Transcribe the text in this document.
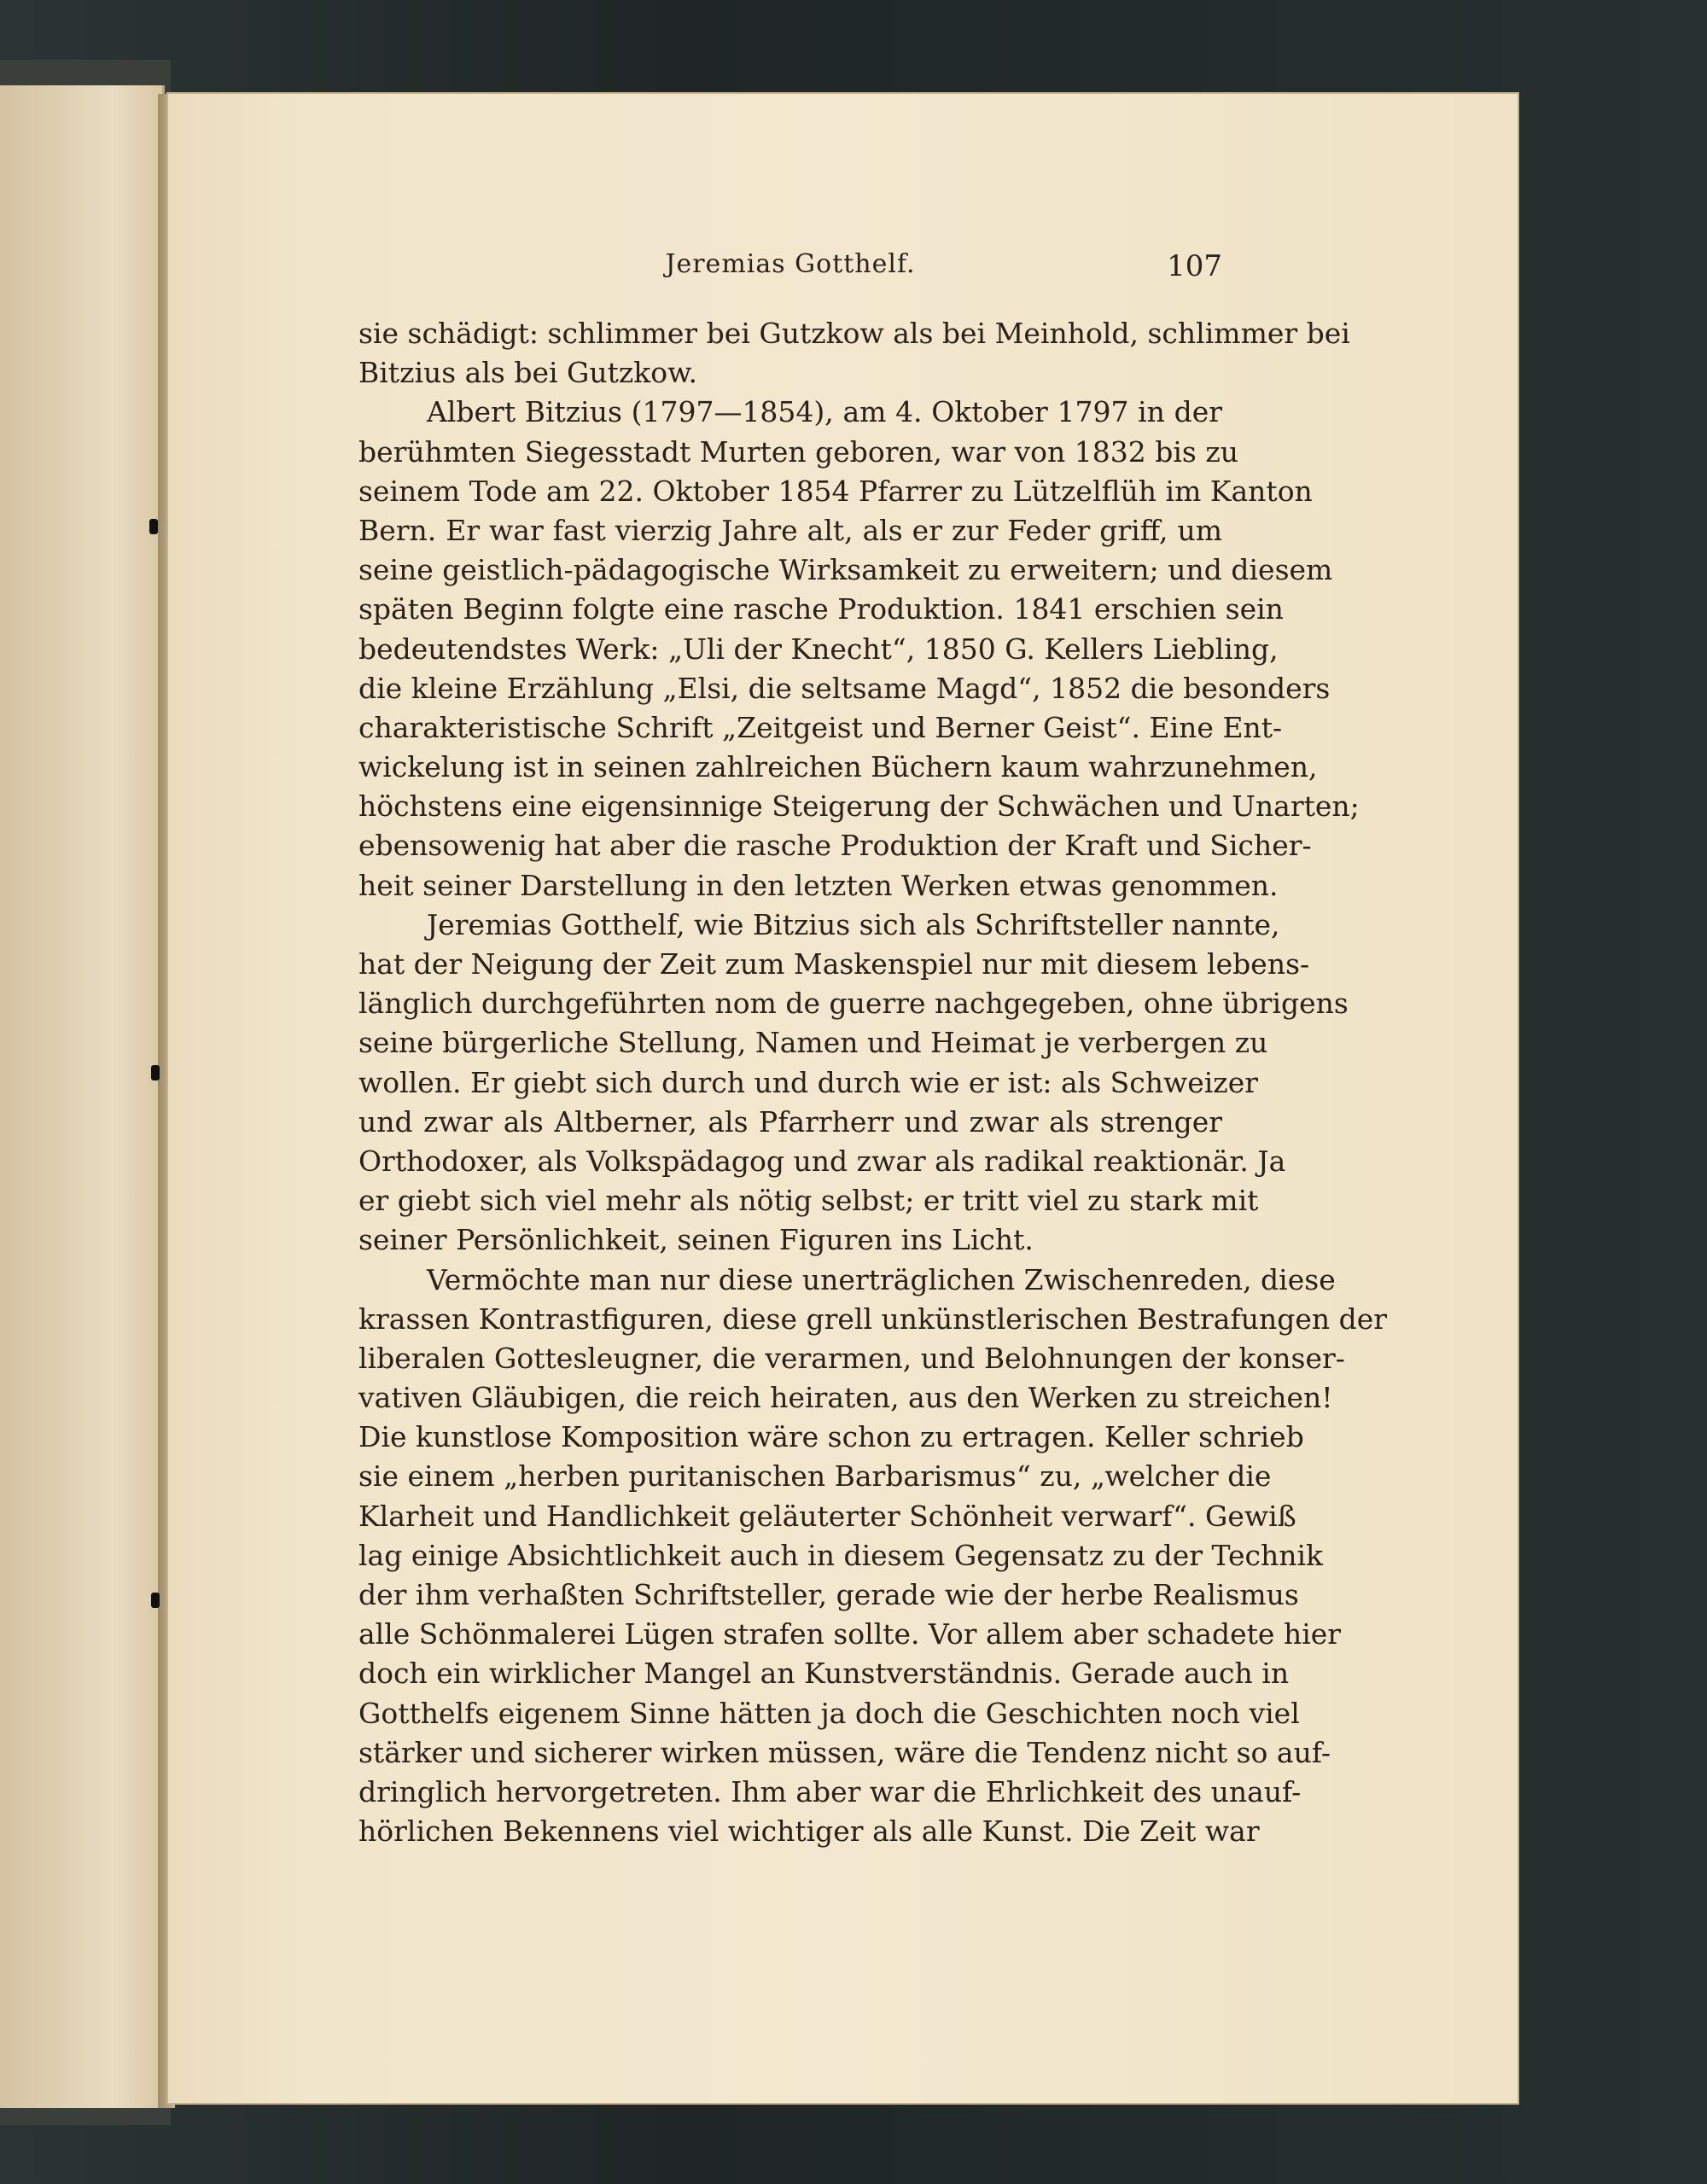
Jeremias Gotthelf.	107
sie schädigt: schlimmer bei Gutzkow als bei Meinhold, schlimmer bei
Bitzius als bei Gutzkow.
Albert Bitzius (1797—1854), am 4. Oktober 1797 in der
berühmten Siegesstadt Murten geboren, war von 1832 bis zu
seinem Tode am 22. Oktober 1854 Pfarrer zu Lützelflüh im Kanton
Bern. Er war fast vierzig Jahre alt, als er zur Feder griff, um
seine geistlich-pädagogische Wirksamkeit zu erweitern; und diesem
späten Beginn folgte eine rasche Produktion. 1841 erschien sein
bedeutendstes Werk: „Uli der Knecht“, 1850 G. Kellers Liebling,
die kleine Erzählung „Elsi, die seltsame Magd“, 1852 die besonders
charakteristische Schrift „Zeitgeist und Berner Geist“. Eine Ent-
wickelung ist in seinen zahlreichen Büchern kaum wahrzunehmen,
höchstens eine eigensinnige Steigerung der Schwächen und Unarten;
ebensowenig hat aber die rasche Produktion der Kraft und Sicher-
heit seiner Darstellung in den letzten Werken etwas genommen.
Jeremias Gotthelf, wie Bitzius sich als Schriftsteller nannte,
hat der Neigung der Zeit zum Maskenspiel nur mit diesem lebens-
länglich durchgeführten nom de guerre nachgegeben, ohne übrigens
seine bürgerliche Stellung, Namen und Heimat je verbergen zu
wollen. Er giebt sich durch und durch wie er ist: als Schweizer
und zwar als Altberner, als Pfarrherr und zwar als strenger
Orthodoxer, als Volkspädagog und zwar als radikal reaktionär. Ja
er giebt sich viel mehr als nötig selbst; er tritt viel zu stark mit
seiner Persönlichkeit, seinen Figuren ins Licht.
Vermöchte man nur diese unerträglichen Zwischenreden, diese
krassen Kontrastfiguren, diese grell unkünstlerischen Bestrafungen der
liberalen Gottesleugner, die verarmen, und Belohnungen der konser-
vativen Gläubigen, die reich heiraten, aus den Werken zu streichen!
Die kunstlose Komposition wäre schon zu ertragen. Keller schrieb
sie einem „herben puritanischen Barbarismus“ zu, „welcher die
Klarheit und Handlichkeit geläuterter Schönheit verwarf“. Gewiß
lag einige Absichtlichkeit auch in diesem Gegensatz zu der Technik
der ihm verhaßten Schriftsteller, gerade wie der herbe Realismus
alle Schönmalerei Lügen strafen sollte. Vor allem aber schadete hier
doch ein wirklicher Mangel an Kunstverständnis. Gerade auch in
Gotthelfs eigenem Sinne hätten ja doch die Geschichten noch viel
stärker und sicherer wirken müssen, wäre die Tendenz nicht so auf-
dringlich hervorgetreten. Ihm aber war die Ehrlichkeit des unauf-
hörlichen Bekennens viel wichtiger als alle Kunst. Die Zeit war
